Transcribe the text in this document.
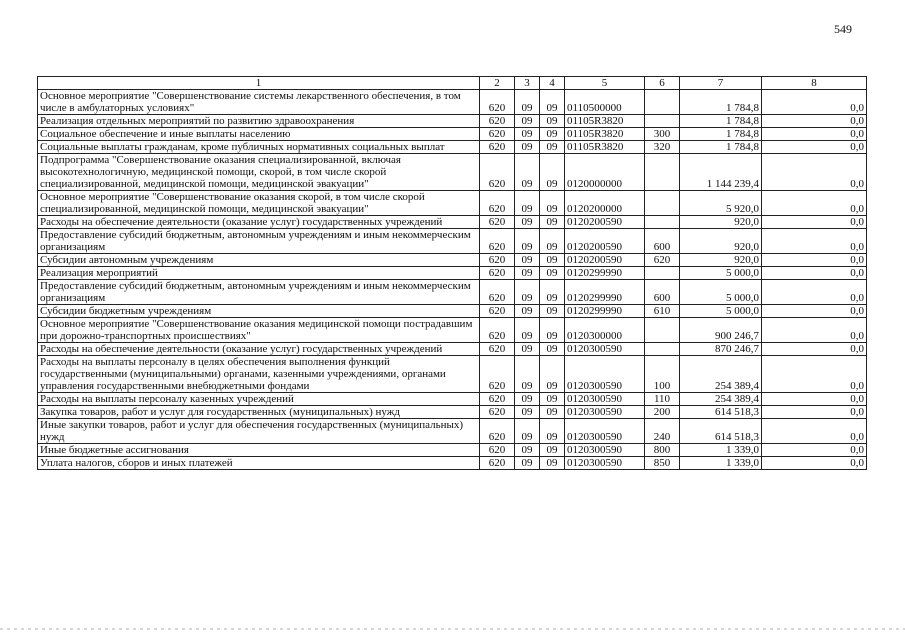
549
1	2	3	4	5	6	7	8
Основное мероприятие "Совершенствование системы лекарственного обеспечения, в том числе в амбулаторных условиях"	620	09	09	0110500000		1 784,8	0,0
Реализация отдельных мероприятий по развитию здравоохранения	620	09	09	01105R3820		1 784,8	0,0
Социальное обеспечение и иные выплаты населению	620	09	09	01105R3820	300	1 784,8	0,0
Социальные выплаты гражданам, кроме публичных нормативных социальных выплат	620	09	09	01105R3820	320	1 784,8	0,0
Подпрограмма "Совершенствование оказания специализированной, включая высокотехнологичную, медицинской помощи, скорой, в том числе скорой специализированной, медицинской помощи, медицинской эвакуации"	620	09	09	0120000000		1 144 239,4	0,0
Основное мероприятие "Совершенствование оказания скорой, в том числе скорой специализированной, медицинской помощи, медицинской эвакуации"	620	09	09	0120200000		5 920,0	0,0
Расходы на обеспечение деятельности (оказание услуг) государственных учреждений	620	09	09	0120200590		920,0	0,0
Предоставление субсидий бюджетным, автономным учреждениям и иным некоммерческим организациям	620	09	09	0120200590	600	920,0	0,0
Субсидии автономным учреждениям	620	09	09	0120200590	620	920,0	0,0
Реализация мероприятий	620	09	09	0120299990		5 000,0	0,0
Предоставление субсидий бюджетным, автономным учреждениям и иным некоммерческим организациям	620	09	09	0120299990	600	5 000,0	0,0
Субсидии бюджетным учреждениям	620	09	09	0120299990	610	5 000,0	0,0
Основное мероприятие "Совершенствование оказания медицинской помощи пострадавшим при дорожно-транспортных происшествиях"	620	09	09	0120300000		900 246,7	0,0
Расходы на обеспечение деятельности (оказание услуг) государственных учреждений	620	09	09	0120300590		870 246,7	0,0
Расходы на выплаты персоналу в целях обеспечения выполнения функций государственными (муниципальными) органами, казенными учреждениями, органами управления государственными внебюджетными фондами	620	09	09	0120300590	100	254 389,4	0,0
Расходы на выплаты персоналу казенных учреждений	620	09	09	0120300590	110	254 389,4	0,0
Закупка товаров, работ и услуг для государственных (муниципальных) нужд	620	09	09	0120300590	200	614 518,3	0,0
Иные закупки товаров, работ и услуг для обеспечения государственных (муниципальных) нужд	620	09	09	0120300590	240	614 518,3	0,0
Иные бюджетные ассигнования	620	09	09	0120300590	800	1 339,0	0,0
Уплата налогов, сборов и иных платежей	620	09	09	0120300590	850	1 339,0	0,0
